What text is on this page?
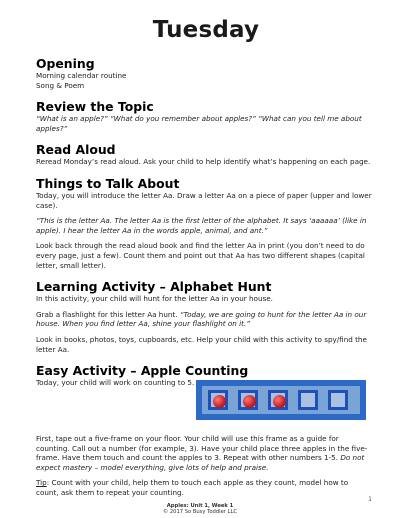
Tuesday
Opening

Morning calendar routine

Song & Poem

Review the Topic

“What is an apple?” “What do you remember about apples?” “What can you tell me about apples?”

Read Aloud

Reread Monday’s read aloud. Ask your child to help identify what’s happening on each page.

Things to Talk About

Today, you will introduce the letter Aa. Draw a letter Aa on a piece of paper (upper and lower case).

“This is the letter Aa. The letter Aa is the first letter of the alphabet. It says ‘aaaaaa’ (like in apple). I hear the letter Aa in the words apple, animal, and ant.”

Look back through the read aloud book and find the letter Aa in print (you don’t need to do every page, just a few). Count them and point out that Aa has two different shapes (capital letter, small letter).

Learning Activity – Alphabet Hunt

In this activity, your child will hunt for the letter Aa in your house.

Grab a flashlight for this letter Aa hunt. “Today, we are going to hunt for the letter Aa in our house. When you find letter Aa, shine your flashlight on it.”

Look in books, photos, toys, cupboards, etc. Help your child with this activity to spy/find the letter Aa.

Easy Activity – Apple Counting

Today, your child will work on counting to 5.

First, tape out a five-frame on your floor. Your child will use this frame as a guide for counting. Call out a number (for example, 3). Have your child place three apples in the five-frame. Have them touch and count the apples to 3. Repeat with other numbers 1-5. Do not expect mastery – model everything, give lots of help and praise.

Tip: Count with your child, help them to touch each apple as they count, model how to count, ask them to repeat your counting.

Apples: Unit 1, Week 1
© 2017 So Busy Toddler LLC
1
